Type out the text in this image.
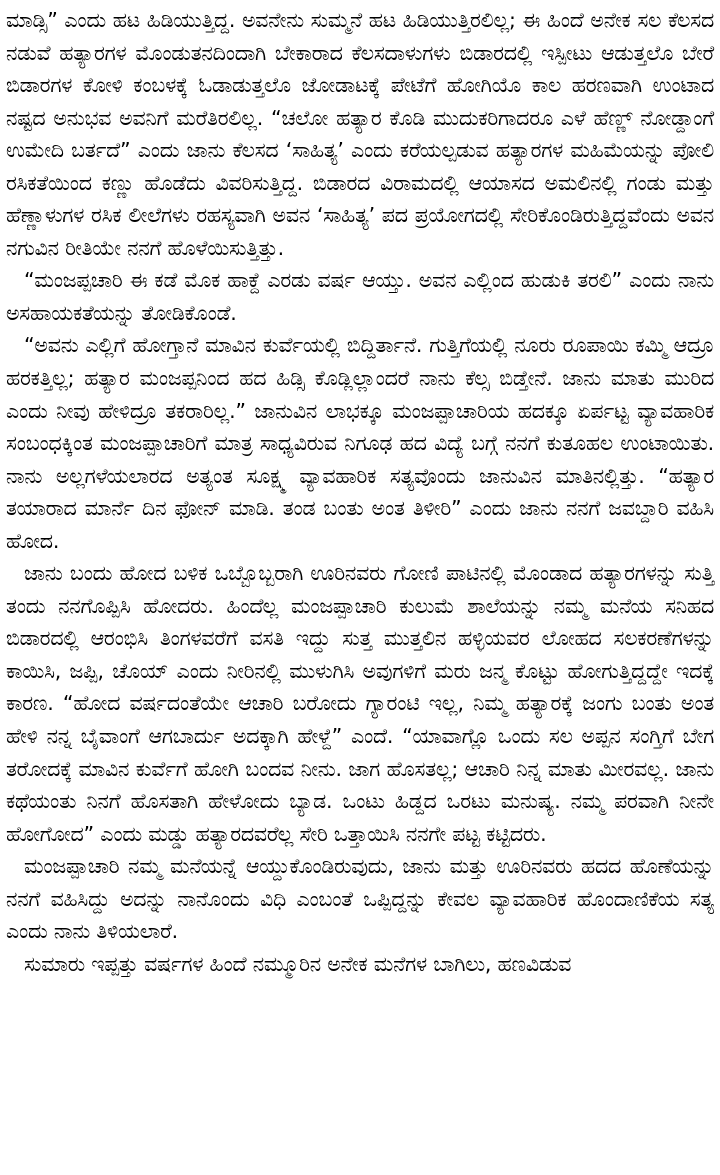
ಮಾಡ್ಸಿ” ಎಂದು ಹಟ ಹಿಡಿಯುತ್ತಿದ್ದ. ಅವನೇನು ಸುಮ್ಮನೆ ಹಟ ಹಿಡಿಯುತ್ತಿರಲಿಲ್ಲ; ಈ ಹಿಂದೆ ಅನೇಕ ಸಲ ಕೆಲಸದ ನಡುವೆ ಹತ್ಯಾರಗಳ ಮೊಂಡುತನದಿಂದಾಗಿ ಬೇಕಾರಾದ ಕೆಲಸದಾಳುಗಳು ಬಿಡಾರದಲ್ಲಿ ಇಸ್ಪೀಟು ಆಡುತ್ತಲೊ ಬೇರೆ ಬಿಡಾರಗಳ ಕೋಳಿ ಕಂಬಳಕ್ಕೆ ಓಡಾಡುತ್ತಲೊ ಜೋಡಾಟಕ್ಕೆ ಪೇಟೆಗೆ ಹೋಗಿಯೊ ಕಾಲ ಹರಣವಾಗಿ ಉಂಟಾದ ನಷ್ಟದ ಅನುಭವ ಅವನಿಗೆ ಮರೆತಿರಲಿಲ್ಲ. “ಚಲೋ ಹತ್ಯಾರ ಕೊಡಿ ಮುದುಕರಿಗಾದರೂ ಎಳೆ ಹೆಣ್ಣ್ ನೋಡ್ದಾಂಗೆ ಉಮೇದಿ ಬರ್ತದೆ” ಎಂದು ಜಾನು ಕೆಲಸದ ‘ಸಾಹಿತ್ಯ’ ಎಂದು ಕರೆಯಲ್ಪಡುವ ಹತ್ಯಾರಗಳ ಮಹಿಮೆಯನ್ನು ಪೋಲಿ ರಸಿಕತೆಯಿಂದ ಕಣ್ಣು ಹೊಡೆದು ವಿವರಿಸುತ್ತಿದ್ದ. ಬಿಡಾರದ ವಿರಾಮದಲ್ಲಿ ಆಯಾಸದ ಅಮಲಿನಲ್ಲಿ ಗಂಡು ಮತ್ತು ಹೆಣ್ಣಾಳುಗಳ ರಸಿಕ ಲೀಲೆಗಳು ರಹಸ್ಯವಾಗಿ ಅವನ ‘ಸಾಹಿತ್ಯ’ ಪದ ಪ್ರಯೋಗದಲ್ಲಿ ಸೇರಿಕೊಂಡಿರುತ್ತಿದ್ದವೆಂದು ಅವನ ನಗುವಿನ ರೀತಿಯೇ ನನಗೆ ಹೊಳೆಯಿಸುತ್ತಿತ್ತು.

“ಮಂಜಪ್ಪಚಾರಿ ಈ ಕಡೆ ಮೊಕ ಹಾಕ್ದೆ ಎರಡು ವರ್ಷ ಆಯ್ತು. ಅವನ ಎಲ್ಲಿಂದ ಹುಡುಕಿ ತರಲಿ” ಎಂದು ನಾನು ಅಸಹಾಯಕತೆಯನ್ನು ತೋಡಿಕೊಂಡೆ.

“ಅವನು ಎಲ್ಲಿಗೆ ಹೋಗ್ತಾನೆ ಮಾವಿನ ಕುರ್ವೆಯಲ್ಲಿ ಬಿದ್ದಿರ್ತಾನೆ. ಗುತ್ತಿಗೆಯಲ್ಲಿ ನೂರು ರೂಪಾಯಿ ಕಮ್ಮಿ ಆದ್ರೂ ಹರಕತ್ತಿಲ್ಲ; ಹತ್ಯಾರ ಮಂಜಪ್ಪನಿಂದ ಹದ ಹಿಡ್ಸಿ ಕೊಡ್ಲಿಲ್ಲಾಂದರೆ ನಾನು ಕೆಲ್ಸ ಬಿಡ್ತೇನೆ. ಜಾನು ಮಾತು ಮುರಿದ ಎಂದು ನೀವು ಹೇಳಿದ್ರೂ ತಕರಾರಿಲ್ಲ.” ಜಾನುವಿನ ಲಾಭಕ್ಕೂ ಮಂಜಪ್ಪಾಚಾರಿಯ ಹದಕ್ಕೂ ಏರ್ಪಟ್ಟ ವ್ಯಾವಹಾರಿಕ ಸಂಬಂಧಕ್ಕಿಂತ ಮಂಜಪ್ಪಾಚಾರಿಗೆ ಮಾತ್ರ ಸಾಧ್ಯವಿರುವ ನಿಗೂಢ ಹದ ವಿದ್ಯೆ ಬಗ್ಗೆ ನನಗೆ ಕುತೂಹಲ ಉಂಟಾಯಿತು. ನಾನು ಅಲ್ಲಗಳೆಯಲಾರದ ಅತ್ಯಂತ ಸೂಕ್ಷ್ಮ ವ್ಯಾವಹಾರಿಕ ಸತ್ಯವೊಂದು ಜಾನುವಿನ ಮಾತಿನಲ್ಲಿತ್ತು. “ಹತ್ಯಾರ ತಯಾರಾದ ಮಾರ್ನೆ ದಿನ ಫೋನ್ ಮಾಡಿ. ತಂಡ ಬಂತು ಅಂತ ತಿಳೀರಿ” ಎಂದು ಜಾನು ನನಗೆ ಜವಬ್ದಾರಿ ವಹಿಸಿ ಹೋದ.

ಜಾನು ಬಂದು ಹೋದ ಬಳಿಕ ಒಬ್ಬೊಬ್ಬರಾಗಿ ಊರಿನವರು ಗೋಣಿ ಪಾಟಿನಲ್ಲಿ ಮೊಂಡಾದ ಹತ್ಯಾರಗಳನ್ನು ಸುತ್ತಿ ತಂದು ನನಗೊಪ್ಪಿಸಿ ಹೋದರು. ಹಿಂದೆಲ್ಲ ಮಂಜಪ್ಪಾಚಾರಿ ಕುಲುಮೆ ಶಾಲೆಯನ್ನು ನಮ್ಮ ಮನೆಯ ಸನಿಹದ ಬಿಡಾರದಲ್ಲಿ ಆರಂಭಿಸಿ ತಿಂಗಳವರೆಗೆ ವಸತಿ ಇದ್ದು ಸುತ್ತ ಮುತ್ತಲಿನ ಹಳ್ಳಿಯವರ ಲೋಹದ ಸಲಕರಣೆಗಳನ್ನು ಕಾಯಿಸಿ, ಜಪ್ಪಿ, ಚೊಯ್ ಎಂದು ನೀರಿನಲ್ಲಿ ಮುಳುಗಿಸಿ ಅವುಗಳಿಗೆ ಮರು ಜನ್ಮ ಕೊಟ್ಟು ಹೋಗುತ್ತಿದ್ದದ್ದೇ ಇದಕ್ಕೆ ಕಾರಣ. “ಹೋದ ವರ್ಷದಂತೆಯೇ ಆಚಾರಿ ಬರೋದು ಗ್ಯಾರಂಟಿ ಇಲ್ಲ, ನಿಮ್ಮ ಹತ್ಯಾರಕ್ಕೆ ಜಂಗು ಬಂತು ಅಂತ ಹೇಳಿ ನನ್ನ ಬೈವಾಂಗೆ ಆಗಬಾರ್ದು ಅದಕ್ಕಾಗಿ ಹೇಳ್ದೆ” ಎಂದೆ. “ಯಾವಾಗ್ಲೊ ಒಂದು ಸಲ ಅಪ್ಪನ ಸಂಗ್ತಿಗೆ ಬೇಗ ತರೋದಕ್ಕೆ ಮಾವಿನ ಕುರ್ವೆಗೆ ಹೋಗಿ ಬಂದವ ನೀನು. ಜಾಗ ಹೊಸತಲ್ಲ; ಆಚಾರಿ ನಿನ್ನ ಮಾತು ಮೀರವಲ್ಲ. ಜಾನು ಕಥೆಯಂತು ನಿನಗೆ ಹೊಸತಾಗಿ ಹೇಳೋದು ಬ್ಯಾಡ. ಒಂಟು ಹಿಡ್ದದ ಒರಟು ಮನುಷ್ಯ. ನಮ್ಮ ಪರವಾಗಿ ನೀನೇ ಹೋಗೋದ” ಎಂದು ಮಡ್ಡು ಹತ್ಯಾರದವರೆಲ್ಲ ಸೇರಿ ಒತ್ತಾಯಿಸಿ ನನಗೇ ಪಟ್ಟ ಕಟ್ಟಿದರು.

ಮಂಜಪ್ಪಾಚಾರಿ ನಮ್ಮ ಮನೆಯನ್ನೆ ಆಯ್ದುಕೊಂಡಿರುವುದು, ಜಾನು ಮತ್ತು ಊರಿನವರು ಹದದ ಹೊಣೆಯನ್ನು ನನಗೆ ವಹಿಸಿದ್ದು ಅದನ್ನು ನಾನೊಂದು ವಿಧಿ ಎಂಬಂತೆ ಒಪ್ಪಿದ್ದನ್ನು ಕೇವಲ ವ್ಯಾವಹಾರಿಕ ಹೊಂದಾಣಿಕೆಯ ಸತ್ಯ ಎಂದು ನಾನು ತಿಳಿಯಲಾರೆ.

ಸುಮಾರು ಇಪ್ಪತ್ತು ವರ್ಷಗಳ ಹಿಂದೆ ನಮ್ಮೂರಿನ ಅನೇಕ ಮನೆಗಳ ಬಾಗಿಲು, ಹಣವಿಡುವ
